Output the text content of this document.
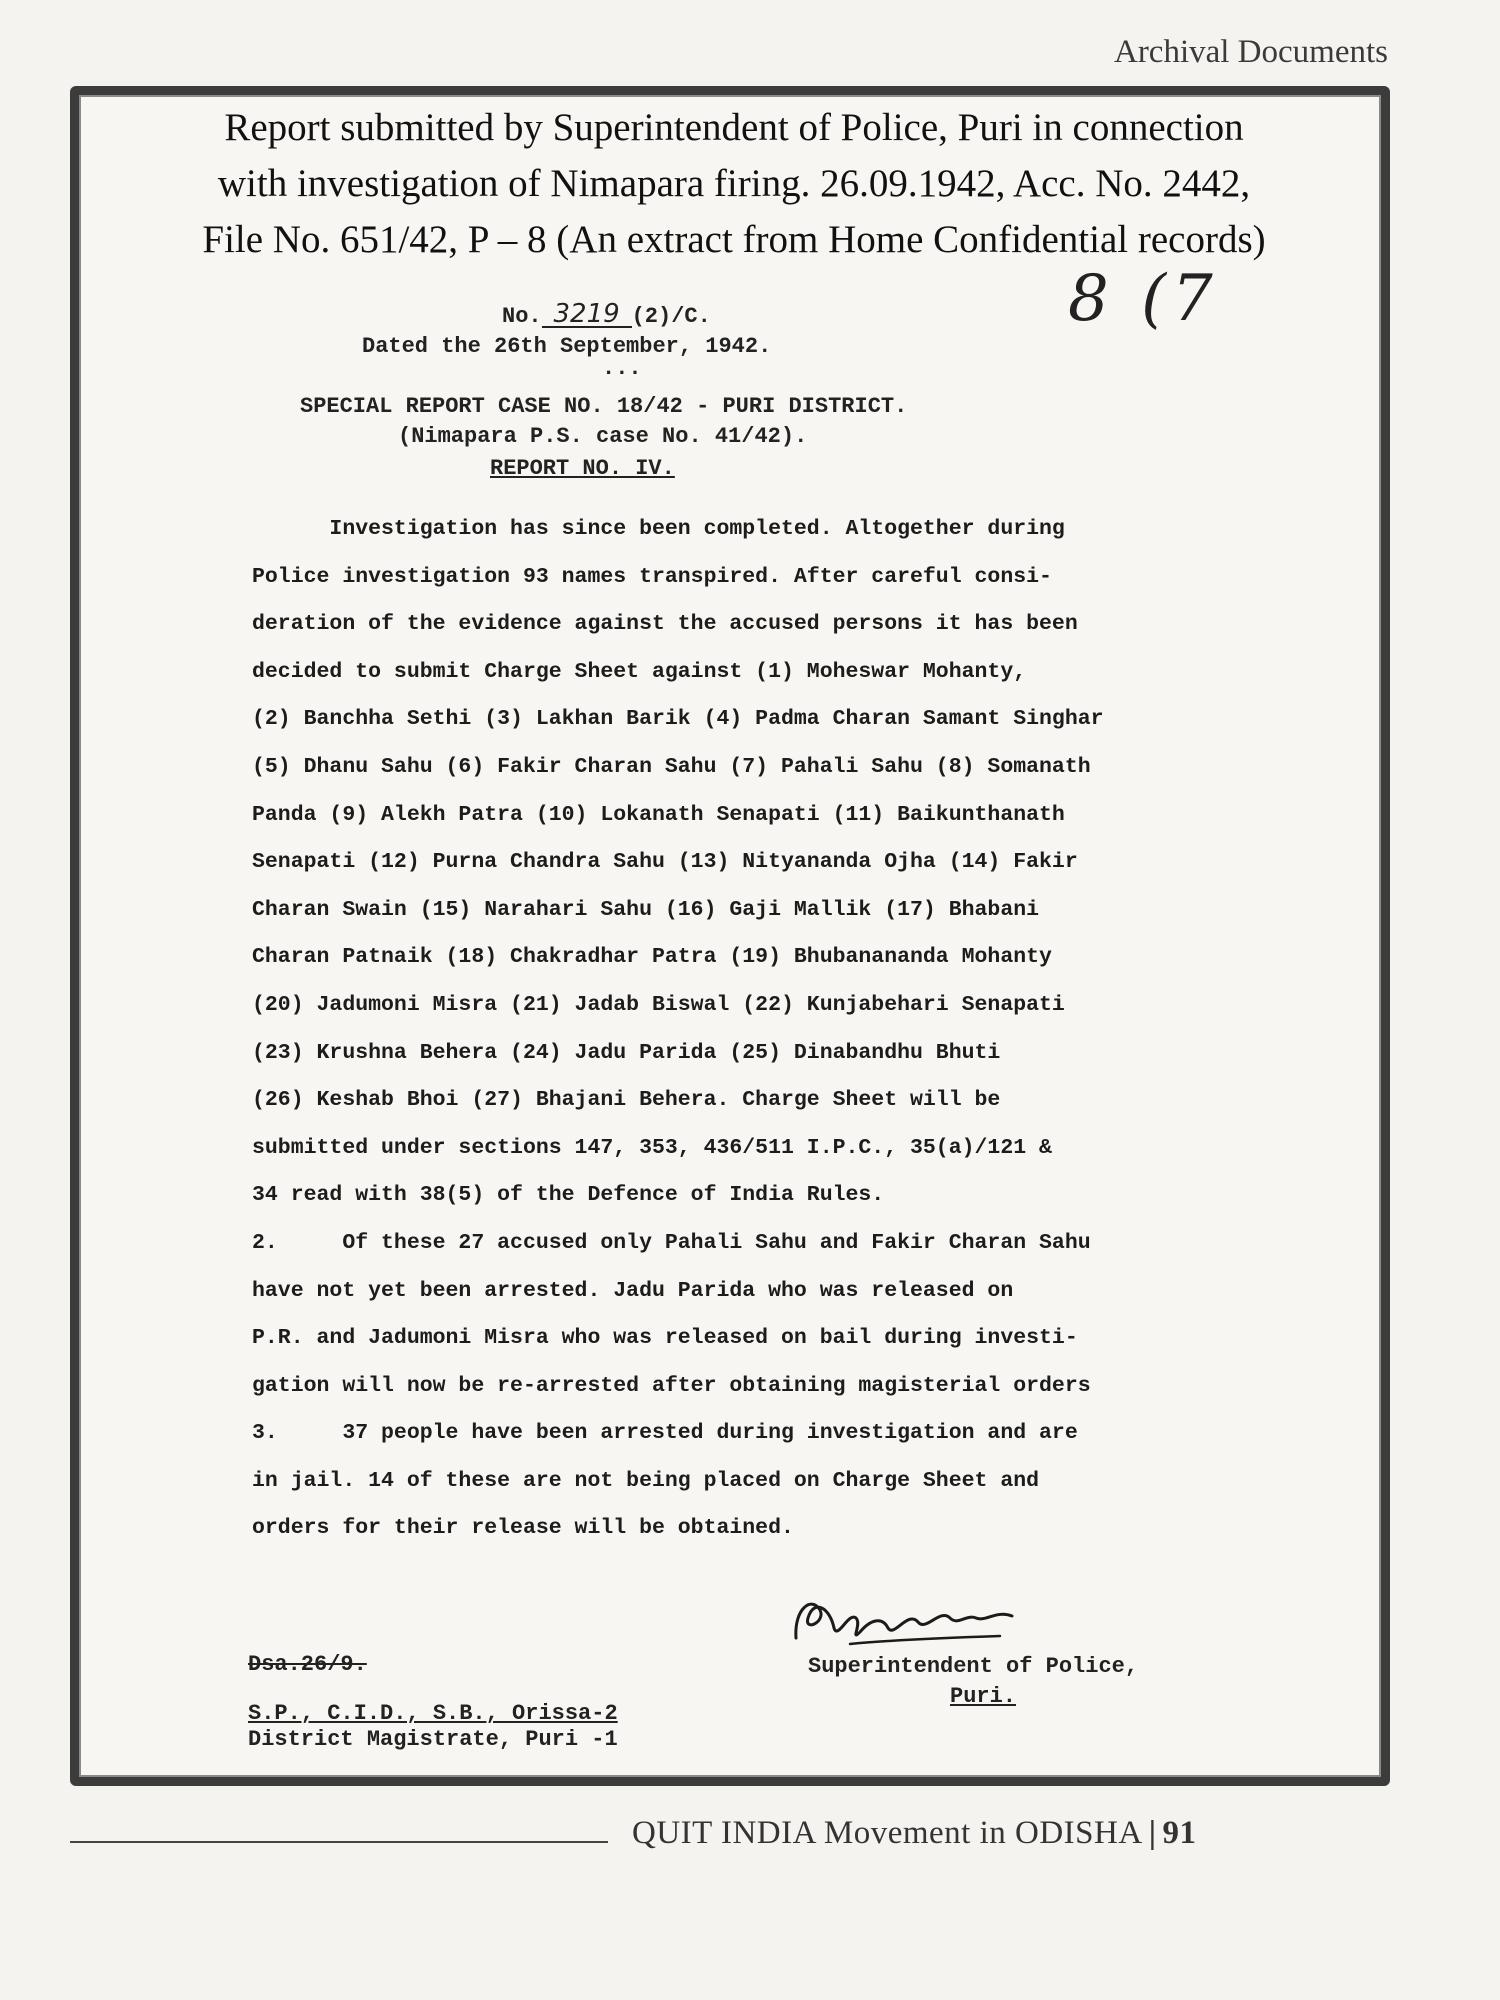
Archival Documents
Report submitted by Superintendent of Police, Puri in connection
with investigation of Nimapara firing. 26.09.1942, Acc. No. 2442,
File No. 651/42, P – 8 (An extract from Home Confidential records)
8 (7
No. 3219 (2)/C.
Dated the 26th September, 1942.
...
SPECIAL REPORT CASE NO. 18/42 - PURI DISTRICT.
(Nimapara P.S. case No. 41/42).
REPORT NO. IV.

Investigation has since been completed. Altogether during

Police investigation 93 names transpired. After careful consi-

deration of the evidence against the accused persons it has been

decided to submit Charge Sheet against (1) Moheswar Mohanty,

(2) Banchha Sethi (3) Lakhan Barik (4) Padma Charan Samant Singhar

(5) Dhanu Sahu (6) Fakir Charan Sahu (7) Pahali Sahu (8) Somanath

Panda (9) Alekh Patra (10) Lokanath Senapati (11) Baikunthanath

Senapati (12) Purna Chandra Sahu (13) Nityananda Ojha (14) Fakir

Charan Swain (15) Narahari Sahu (16) Gaji Mallik (17) Bhabani

Charan Patnaik (18) Chakradhar Patra (19) Bhubanananda Mohanty

(20) Jadumoni Misra (21) Jadab Biswal (22) Kunjabehari Senapati

(23) Krushna Behera (24) Jadu Parida (25) Dinabandhu Bhuti

(26) Keshab Bhoi (27) Bhajani Behera. Charge Sheet will be

submitted under sections 147, 353, 436/511 I.P.C., 35(a)/121 &

34 read with 38(5) of the Defence of India Rules.

2.     Of these 27 accused only Pahali Sahu and Fakir Charan Sahu

have not yet been arrested. Jadu Parida who was released on

P.R. and Jadumoni Misra who was released on bail during investi-

gation will now be re-arrested after obtaining magisterial orders

3.     37 people have been arrested during investigation and are

in jail. 14 of these are not being placed on Charge Sheet and

orders for their release will be obtained.

Superintendent of Police,
Puri.
Dsa.26/9.
S.P., C.I.D., S.B., Orissa-2
District Magistrate, Puri -1
QUIT INDIA Movement in ODISHA | 91
